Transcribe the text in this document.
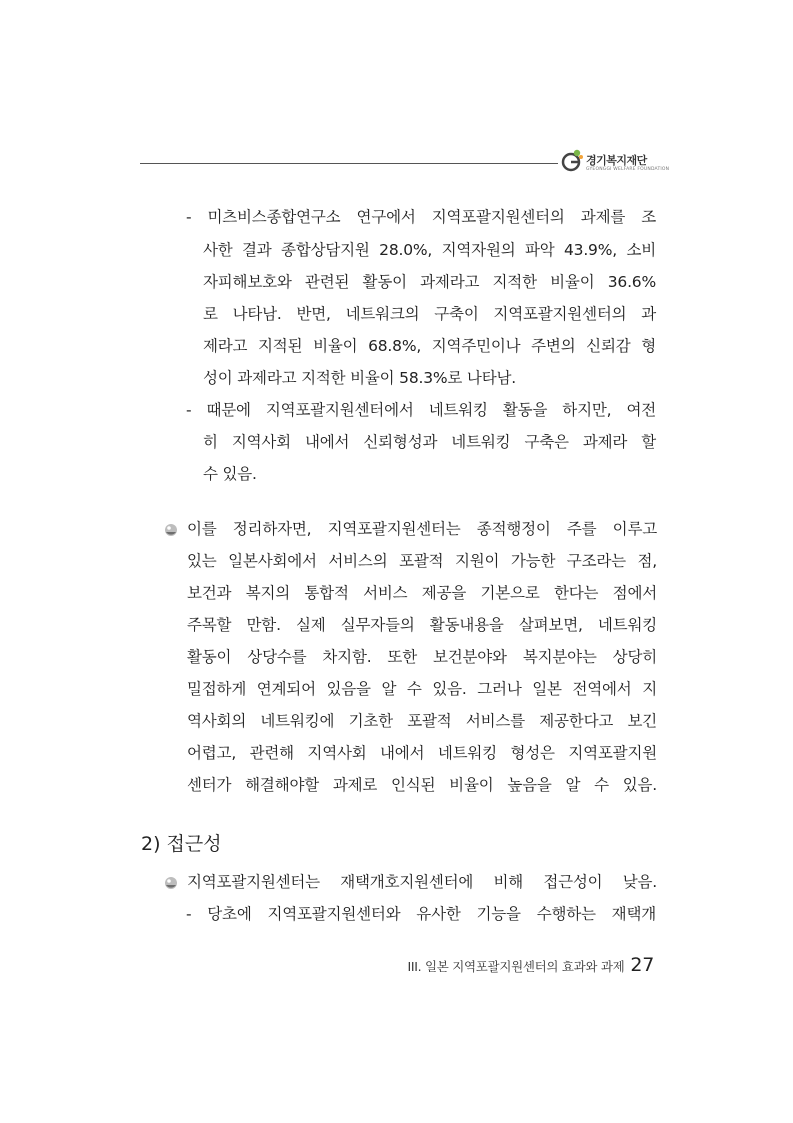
경기복지재단
GYEONGGI WELFARE FOUNDATION
- 미츠비스종합연구소 연구에서 지역포괄지원센터의 과제를 조
사한 결과 종합상담지원 28.0%, 지역자원의 파악 43.9%, 소비
자피해보호와 관련된 활동이 과제라고 지적한 비율이 36.6%
로 나타남. 반면, 네트워크의 구축이 지역포괄지원센터의 과
제라고 지적된 비율이 68.8%, 지역주민이나 주변의 신뢰감 형
성이 과제라고 지적한 비율이 58.3%로 나타남.
- 때문에 지역포괄지원센터에서 네트워킹 활동을 하지만, 여전
히 지역사회 내에서 신뢰형성과 네트워킹 구축은 과제라 할
수 있음.
이를 정리하자면, 지역포괄지원센터는 종적행정이 주를 이루고
있는 일본사회에서 서비스의 포괄적 지원이 가능한 구조라는 점,
보건과 복지의 통합적 서비스 제공을 기본으로 한다는 점에서
주목할 만함. 실제 실무자들의 활동내용을 살펴보면, 네트워킹
활동이 상당수를 차지함. 또한 보건분야와 복지분야는 상당히
밀접하게 연계되어 있음을 알 수 있음. 그러나 일본 전역에서 지
역사회의 네트워킹에 기초한 포괄적 서비스를 제공한다고 보긴
어렵고, 관련해 지역사회 내에서 네트워킹 형성은 지역포괄지원
센터가 해결해야할 과제로 인식된 비율이 높음을 알 수 있음.
2) 접근성
지역포괄지원센터는 재택개호지원센터에 비해 접근성이 낮음.
- 당초에 지역포괄지원센터와 유사한 기능을 수행하는 재택개
III. 일본 지역포괄지원센터의 효과와 과제 27
